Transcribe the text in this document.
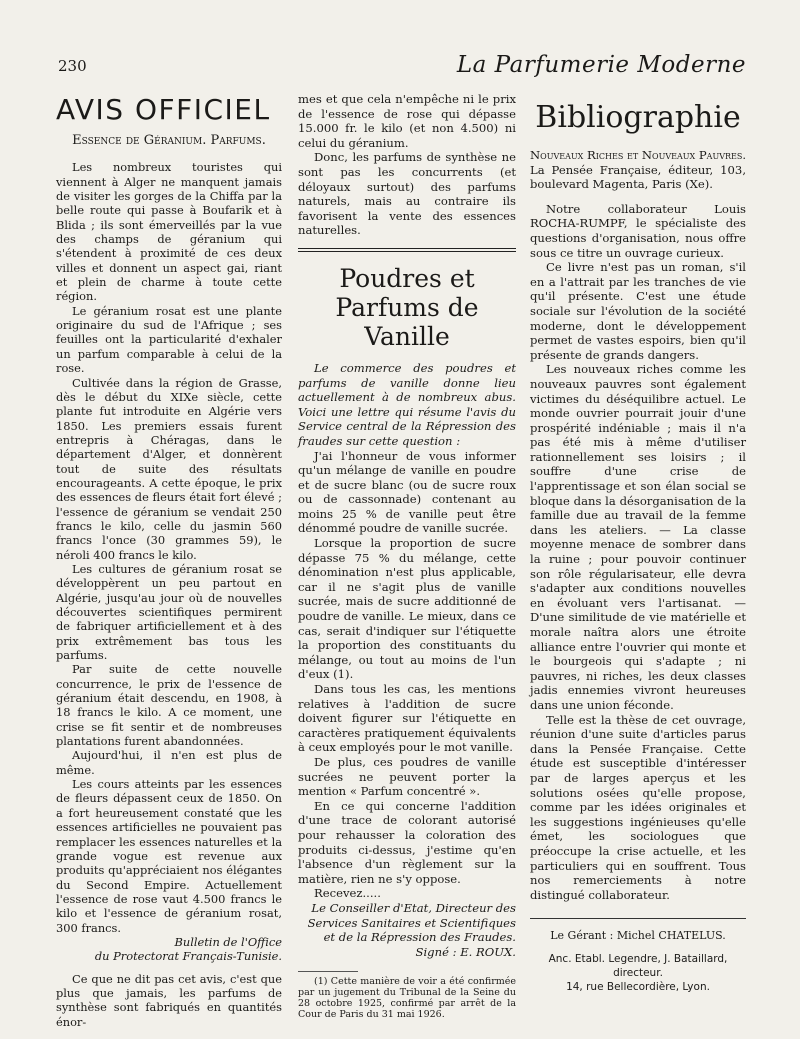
230	La Parfumerie Moderne
AVIS OFFICIEL

Essence de Géranium. Parfums.

Les nombreux touristes qui viennent à Alger ne manquent jamais de visiter les gorges de la Chiffa par la belle route qui passe à Boufarik et à Blida ; ils sont émerveillés par la vue des champs de géranium qui s'étendent à proximité de ces deux villes et donnent un aspect gai, riant et plein de charme à toute cette région.

Le géranium rosat est une plante originaire du sud de l'Afrique ; ses feuilles ont la particularité d'exhaler un parfum comparable à celui de la rose.

Cultivée dans la région de Grasse, dès le début du XIXe siècle, cette plante fut introduite en Algérie vers 1850. Les premiers essais furent entrepris à Chéragas, dans le département d'Alger, et donnèrent tout de suite des résultats encourageants. A cette époque, le prix des essences de fleurs était fort élevé ; l'essence de géranium se vendait 250 francs le kilo, celle du jasmin 560 francs l'once (30 grammes 59), le néroli 400 francs le kilo.

Les cultures de géranium rosat se développèrent un peu partout en Algérie, jusqu'au jour où de nouvelles découvertes scientifiques permirent de fabriquer artificiellement et à des prix extrêmement bas tous les parfums.

Par suite de cette nouvelle concurrence, le prix de l'essence de géranium était descendu, en 1908, à 18 francs le kilo. A ce moment, une crise se fit sentir et de nombreuses plantations furent abandonnées.

Aujourd'hui, il n'en est plus de même.

Les cours atteints par les essences de fleurs dépassent ceux de 1850. On a fort heureusement constaté que les essences artificielles ne pouvaient pas remplacer les essences naturelles et la grande vogue est revenue aux produits qu'appréciaient nos élégantes du Second Empire. Actuellement l'essence de rose vaut 4.500 francs le kilo et l'essence de géranium rosat, 300 francs.

Bulletin de l'Office

du Protectorat Français-Tunisie.

Ce que ne dit pas cet avis, c'est que plus que jamais, les parfums de synthèse sont fabriqués en quantités énor-

mes et que cela n'empêche ni le prix de l'essence de rose qui dépasse 15.000 fr. le kilo (et non 4.500) ni celui du géranium.

Donc, les parfums de synthèse ne sont pas les concurrents (et déloyaux surtout) des parfums naturels, mais au contraire ils favorisent la vente des essences naturelles.

Poudres et Parfums de Vanille

Le commerce des poudres et parfums de vanille donne lieu actuellement à de nombreux abus. Voici une lettre qui résume l'avis du Service central de la Répression des fraudes sur cette question :

J'ai l'honneur de vous informer qu'un mélange de vanille en poudre et de sucre blanc (ou de sucre roux ou de cassonnade) contenant au moins 25 % de vanille peut être dénommé poudre de vanille sucrée.

Lorsque la proportion de sucre dépasse 75 % du mélange, cette dénomination n'est plus applicable, car il ne s'agit plus de vanille sucrée, mais de sucre additionné de poudre de vanille. Le mieux, dans ce cas, serait d'indiquer sur l'étiquette la proportion des constituants du mélange, ou tout au moins de l'un d'eux (1).

Dans tous les cas, les mentions relatives à l'addition de sucre doivent figurer sur l'étiquette en caractères pratiquement équivalents à ceux employés pour le mot vanille.

De plus, ces poudres de vanille sucrées ne peuvent porter la mention « Parfum concentré ».

En ce qui concerne l'addition d'une trace de colorant autorisé pour rehausser la coloration des produits ci-dessus, j'estime qu'en l'absence d'un règlement sur la matière, rien ne s'y oppose.

Recevez.....

Le Conseiller d'Etat, Directeur des

Services Sanitaires et Scientifiques

et de la Répression des Fraudes.

Signé : E. ROUX.

(1) Cette manière de voir a été confirmée par un jugement du Tribunal de la Seine du 28 octobre 1925, confirmé par arrêt de la Cour de Paris du 31 mai 1926.

Bibliographie

Nouveaux Riches et Nouveaux Pauvres. La Pensée Française, éditeur, 103, boulevard Magenta, Paris (Xe).

Notre collaborateur Louis ROCHA-RUMPF, le spécialiste des questions d'organisation, nous offre sous ce titre un ouvrage curieux.

Ce livre n'est pas un roman, s'il en a l'attrait par les tranches de vie qu'il présente. C'est une étude sociale sur l'évolution de la société moderne, dont le développement permet de vastes espoirs, bien qu'il présente de grands dangers.

Les nouveaux riches comme les nouveaux pauvres sont également victimes du déséquilibre actuel. Le monde ouvrier pourrait jouir d'une prospérité indéniable ; mais il n'a pas été mis à même d'utiliser rationnellement ses loisirs ; il souffre d'une crise de l'apprentissage et son élan social se bloque dans la désorganisation de la famille due au travail de la femme dans les ateliers. — La classe moyenne menace de sombrer dans la ruine ; pour pouvoir continuer son rôle régularisateur, elle devra s'adapter aux conditions nouvelles en évoluant vers l'artisanat. — D'une similitude de vie matérielle et morale naîtra alors une étroite alliance entre l'ouvrier qui monte et le bourgeois qui s'adapte ; ni pauvres, ni riches, les deux classes jadis ennemies vivront heureuses dans une union féconde.

Telle est la thèse de cet ouvrage, réunion d'une suite d'articles parus dans la Pensée Française. Cette étude est susceptible d'intéresser par de larges aperçus et les solutions osées qu'elle propose, comme par les idées originales et les suggestions ingénieuses qu'elle émet, les sociologues que préoccupe la crise actuelle, et les particuliers qui en souffrent. Tous nos remerciements à notre distingué collaborateur.

Le Gérant : Michel CHATELUS.

Anc. Etabl. Legendre, J. Bataillard, directeur.

14, rue Bellecordière, Lyon.
